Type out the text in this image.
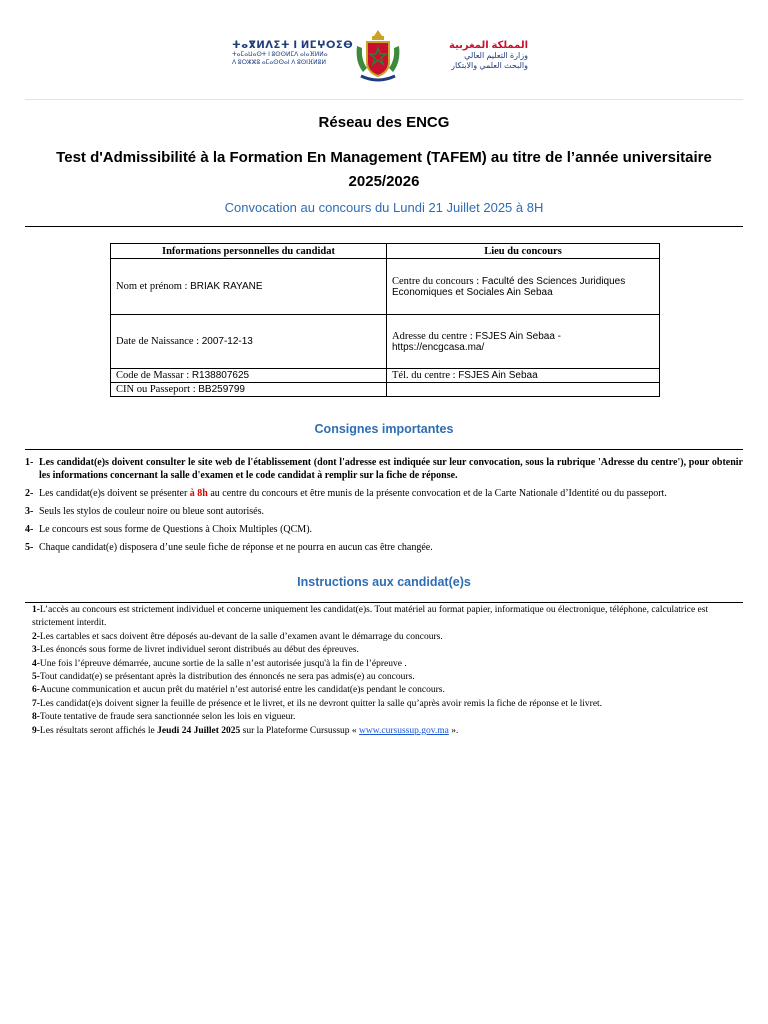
ⵜⴰⴳⵍⴷⵉⵜ ⵏ ⵍⵎⵖⵔⵉⴱ
ⵜⴰⵎⴰⵡⴰⵙⵜ ⵏ ⵓⵙⵙⵍⵎⴷ ⴰⵏⴰⴼⵍⵍⴰ
ⴷ ⵓⵔⵣⵣⵓ ⴰⵎⴰⵙⵙⴰⵏ ⴷ ⵓⵙⵏⴼⵍⵓⵍ
المملكة المغربية
وزارة التعليم العالي
والبحث العلمي والابتكار
Réseau des ENCG
Test d'Admissibilité à la Formation En Management (TAFEM) au titre de l’année universitaire 2025/2026
Convocation au concours du Lundi 21 Juillet 2025 à 8H
Informations personnelles du candidat	Lieu du concours
Nom et prénom : BRIAK RAYANE	Centre du concours : Faculté des Sciences Juridiques Economiques et Sociales Ain Sebaa
Date de Naissance : 2007-12-13	Adresse du centre : FSJES Ain Sebaa - https://encgcasa.ma/
Code de Massar : R138807625	Tél. du centre : FSJES Ain Sebaa
CIN ou Passeport : BB259799	
Consignes importantes
1- Les candidat(e)s doivent consulter le site web de l'établissement (dont l'adresse est indiquée sur leur convocation, sous la rubrique 'Adresse du centre'), pour obtenir les informations concernant la salle d'examen et le code candidat à remplir sur la fiche de réponse.
2- Les candidat(e)s doivent se présenter à 8h au centre du concours et être munis de la présente convocation et de la Carte Nationale d’Identité ou du passeport.
3- Seuls les stylos de couleur noire ou bleue sont autorisés.
4- Le concours est sous forme de Questions à Choix Multiples (QCM).
5- Chaque candidat(e) disposera d’une seule fiche de réponse et ne pourra en aucun cas être changée.
Instructions aux candidat(e)s
1-L’accès au concours est strictement individuel et concerne uniquement les candidat(e)s. Tout matériel au format papier, informatique ou électronique, téléphone, calculatrice est strictement interdit.
2-Les cartables et sacs doivent être déposés au-devant de la salle d’examen avant le démarrage du concours.
3-Les énoncés sous forme de livret individuel seront distribués au début des épreuves.
4-Une fois l’épreuve démarrée, aucune sortie de la salle n’est autorisée jusqu'à la fin de l’épreuve .
5-Tout candidat(e) se présentant après la distribution des énnoncés ne sera pas admis(e) au concours.
6-Aucune communication et aucun prêt du matériel n’est autorisé entre les candidat(e)s pendant le concours.
7-Les candidat(e)s doivent signer la feuille de présence et le livret, et ils ne devront quitter la salle qu’après avoir remis la fiche de réponse et le livret.
8-Toute tentative de fraude sera sanctionnée selon les lois en vigueur.
9-Les résultats seront affichés le Jeudi 24 Juillet 2025 sur la Plateforme Cursussup « www.cursussup.gov.ma ».
